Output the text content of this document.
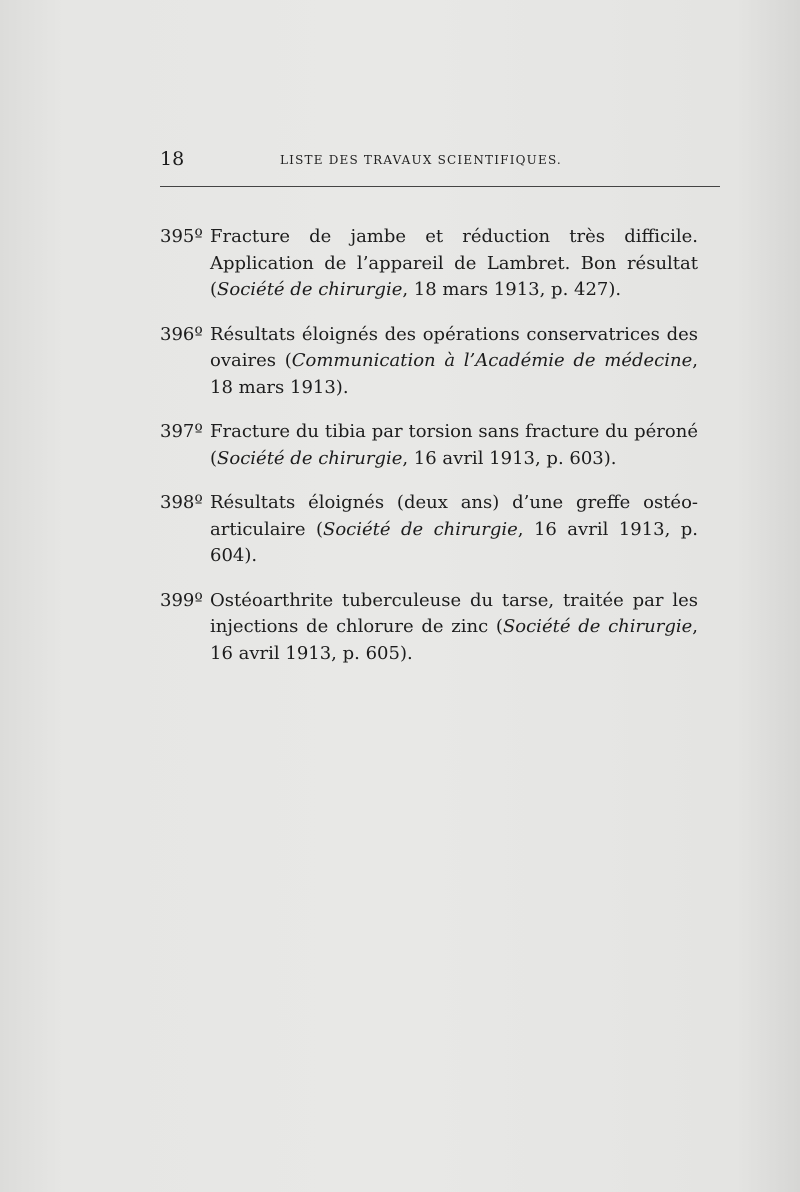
18	LISTE DES TRAVAUX SCIENTIFIQUES.

395º Fracture de jambe et réduction très difficile. Application de l’appareil de Lambret. Bon résultat (Société de chirurgie, 18 mars 1913, p. 427).

396º Résultats éloignés des opérations conservatrices des ovaires (Communication à l’Académie de médecine, 18 mars 1913).

397º Fracture du tibia par torsion sans fracture du péroné (Société de chirurgie, 16 avril 1913, p. 603).

398º Résultats éloignés (deux ans) d’une greffe ostéo-articulaire (Société de chirurgie, 16 avril 1913, p. 604).

399º Ostéoarthrite tuberculeuse du tarse, traitée par les injections de chlorure de zinc (Société de chirurgie, 16 avril 1913, p. 605).
